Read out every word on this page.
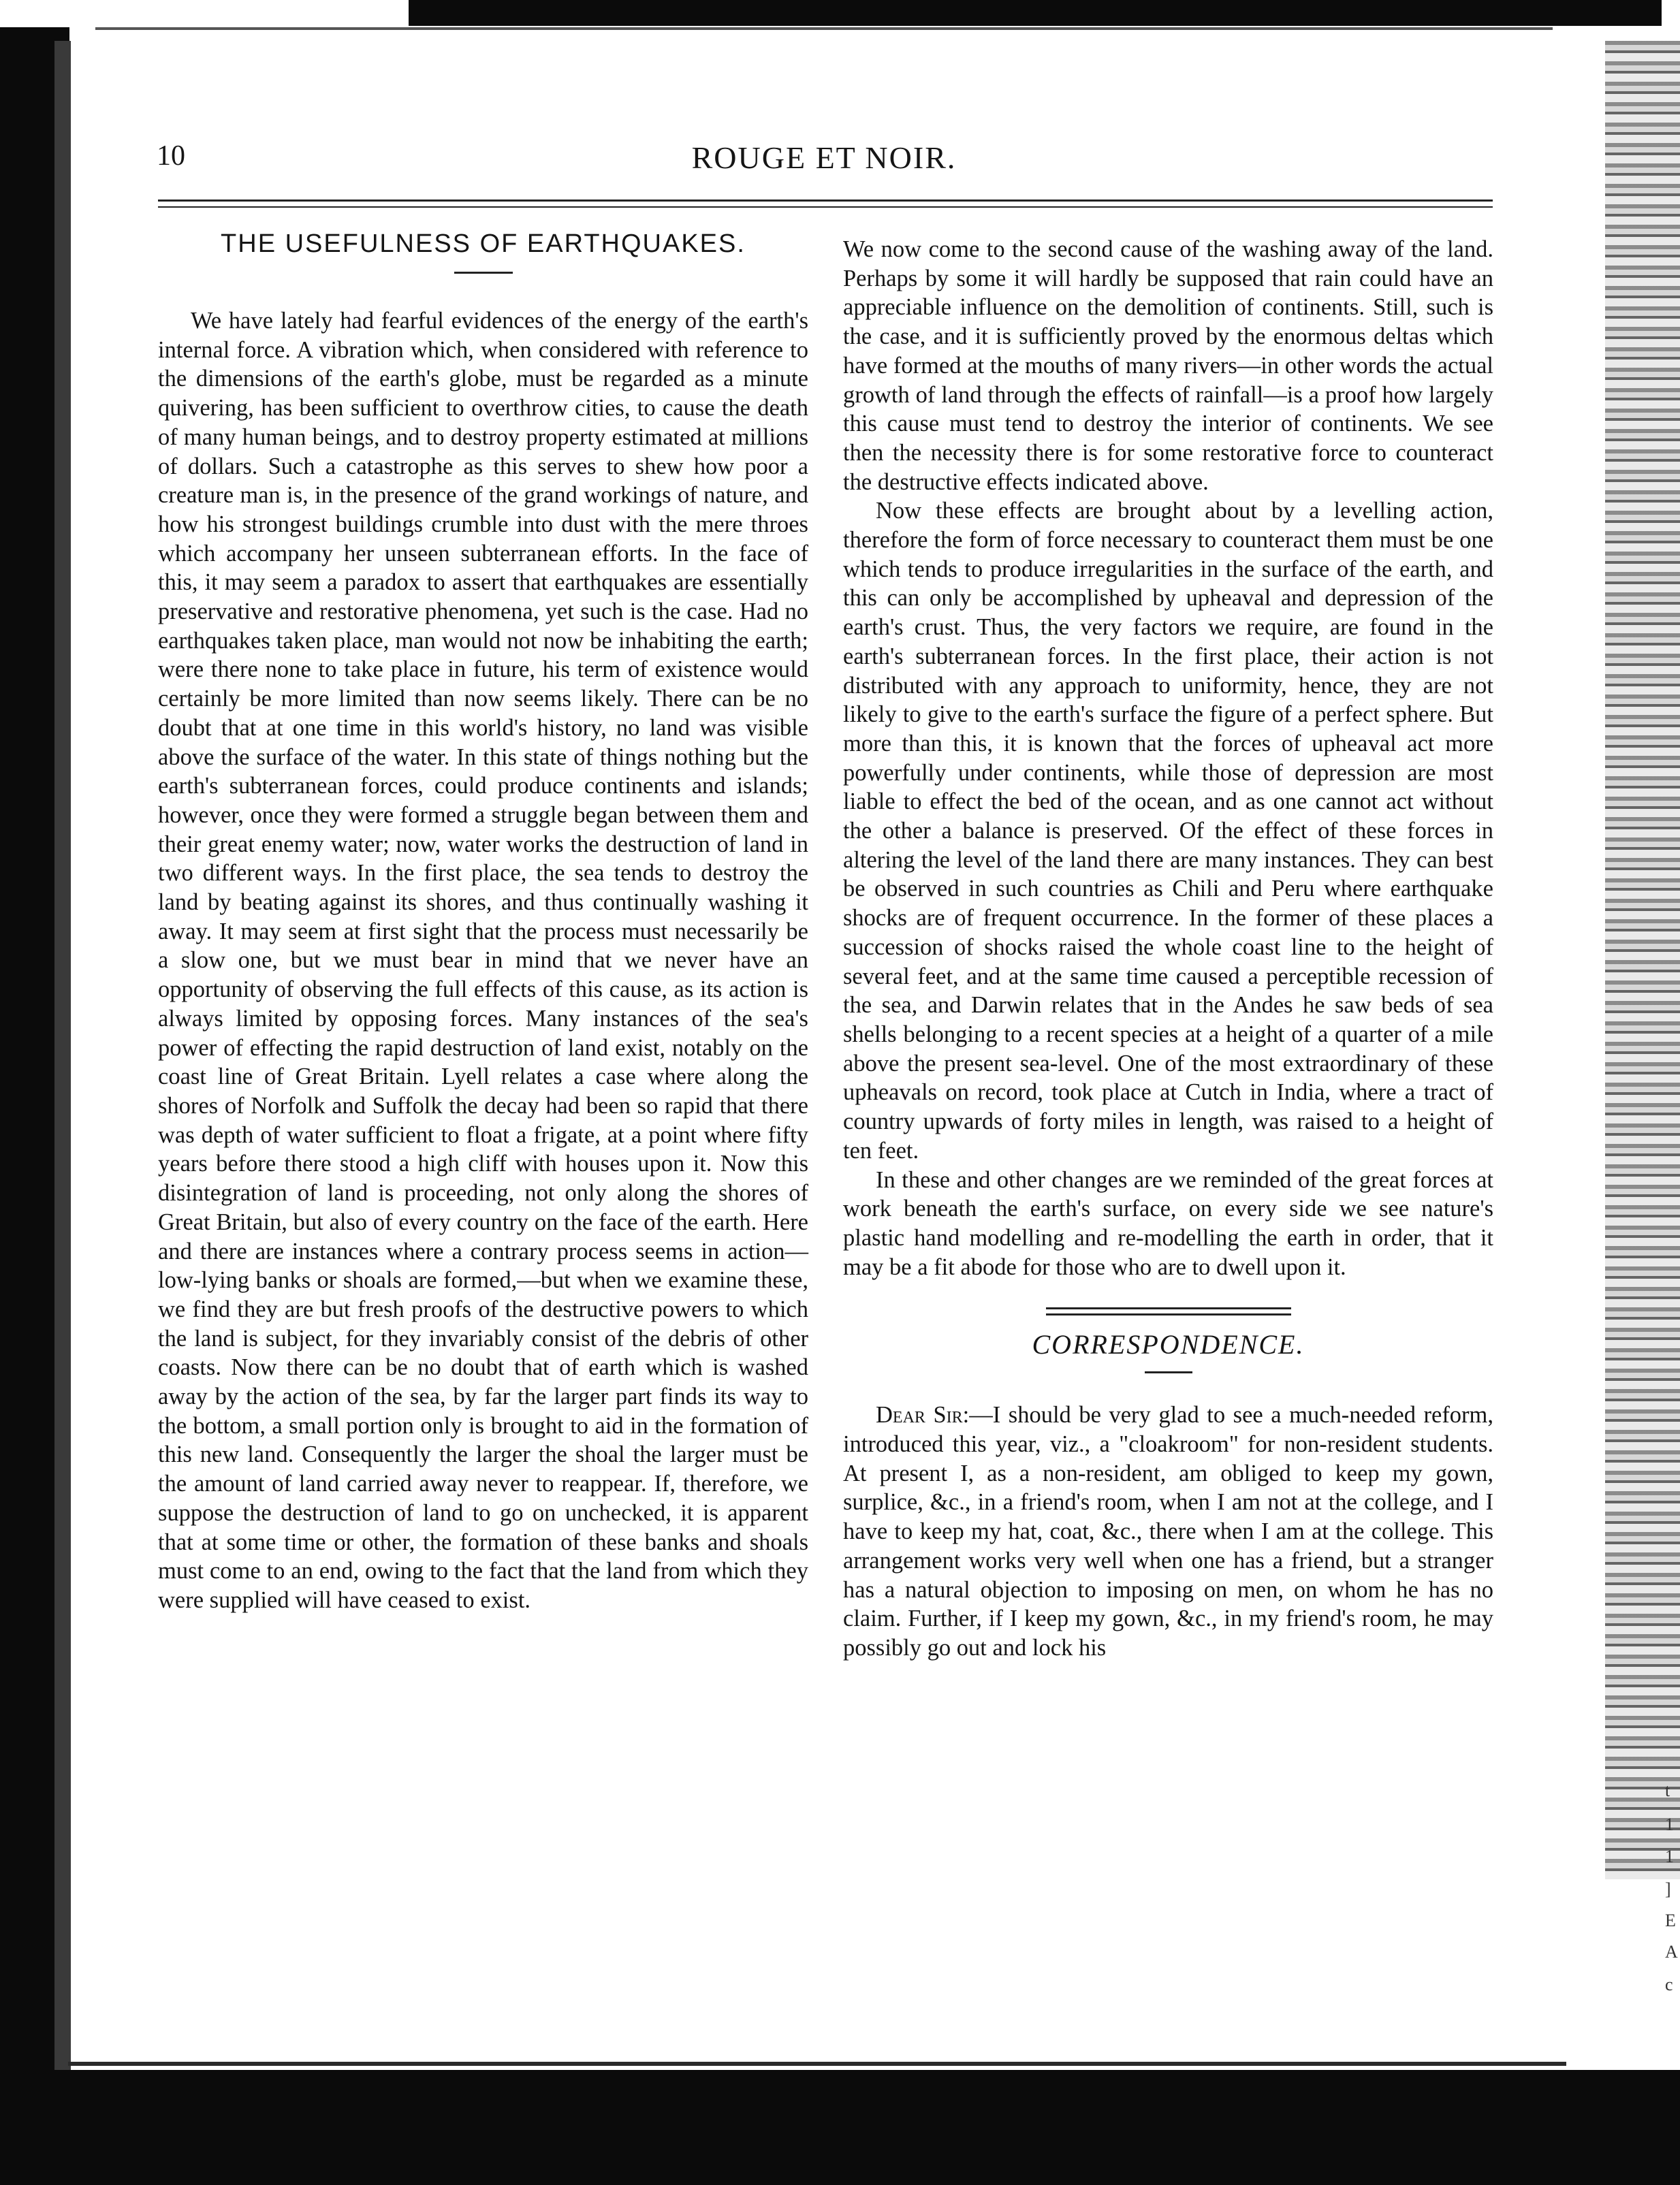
t
1
1
]
E
A
c
10	ROUGE ET NOIR.
THE USEFULNESS OF EARTHQUAKES.

We have lately had fearful evidences of the energy of the earth's internal force. A vibration which, when considered with reference to the dimensions of the earth's globe, must be regarded as a minute quivering, has been sufficient to overthrow cities, to cause the death of many human beings, and to destroy property estimated at millions of dollars. Such a catastrophe as this serves to shew how poor a creature man is, in the presence of the grand workings of nature, and how his strongest buildings crumble into dust with the mere throes which accompany her unseen subterranean efforts. In the face of this, it may seem a paradox to assert that earthquakes are essentially preservative and restorative phenomena, yet such is the case. Had no earthquakes taken place, man would not now be inhabiting the earth; were there none to take place in future, his term of existence would certainly be more limited than now seems likely. There can be no doubt that at one time in this world's history, no land was visible above the surface of the water. In this state of things nothing but the earth's subterranean forces, could produce continents and islands; however, once they were formed a struggle began between them and their great enemy water; now, water works the destruction of land in two different ways. In the first place, the sea tends to destroy the land by beating against its shores, and thus continually washing it away. It may seem at first sight that the process must necessarily be a slow one, but we must bear in mind that we never have an opportunity of observing the full effects of this cause, as its action is always limited by opposing forces. Many instances of the sea's power of effecting the rapid destruction of land exist, notably on the coast line of Great Britain. Lyell relates a case where along the shores of Norfolk and Suffolk the decay had been so rapid that there was depth of water sufficient to float a frigate, at a point where fifty years before there stood a high cliff with houses upon it. Now this disintegration of land is proceeding, not only along the shores of Great Britain, but also of every country on the face of the earth. Here and there are instances where a contrary process seems in action—low-lying banks or shoals are formed,—but when we examine these, we find they are but fresh proofs of the destructive powers to which the land is subject, for they invariably consist of the debris of other coasts. Now there can be no doubt that of earth which is washed away by the action of the sea, by far the larger part finds its way to the bottom, a small portion only is brought to aid in the formation of this new land. Consequently the larger the shoal the larger must be the amount of land carried away never to reappear. If, therefore, we suppose the destruction of land to go on unchecked, it is apparent that at some time or other, the formation of these banks and shoals must come to an end, owing to the fact that the land from which they were supplied will have ceased to exist.

We now come to the second cause of the washing away of the land. Perhaps by some it will hardly be supposed that rain could have an appreciable influence on the demolition of continents. Still, such is the case, and it is sufficiently proved by the enormous deltas which have formed at the mouths of many rivers—in other words the actual growth of land through the effects of rainfall—is a proof how largely this cause must tend to destroy the interior of continents. We see then the necessity there is for some restorative force to counteract the destructive effects indicated above.

Now these effects are brought about by a levelling action, therefore the form of force necessary to counteract them must be one which tends to produce irregularities in the surface of the earth, and this can only be accomplished by upheaval and depression of the earth's crust. Thus, the very factors we require, are found in the earth's subterranean forces. In the first place, their action is not distributed with any approach to uniformity, hence, they are not likely to give to the earth's surface the figure of a perfect sphere. But more than this, it is known that the forces of upheaval act more powerfully under continents, while those of depression are most liable to effect the bed of the ocean, and as one cannot act without the other a balance is preserved. Of the effect of these forces in altering the level of the land there are many instances. They can best be observed in such countries as Chili and Peru where earthquake shocks are of frequent occurrence. In the former of these places a succession of shocks raised the whole coast line to the height of several feet, and at the same time caused a perceptible recession of the sea, and Darwin relates that in the Andes he saw beds of sea shells belonging to a recent species at a height of a quarter of a mile above the present sea-level. One of the most extraordinary of these upheavals on record, took place at Cutch in India, where a tract of country upwards of forty miles in length, was raised to a height of ten feet.

In these and other changes are we reminded of the great forces at work beneath the earth's surface, on every side we see nature's plastic hand modelling and re-modelling the earth in order, that it may be a fit abode for those who are to dwell upon it.

CORRESPONDENCE.

Dear Sir:—I should be very glad to see a much-needed reform, introduced this year, viz., a "cloakroom" for non-resident students. At present I, as a non-resident, am obliged to keep my gown, surplice, &c., in a friend's room, when I am not at the college, and I have to keep my hat, coat, &c., there when I am at the college. This arrangement works very well when one has a friend, but a stranger has a natural objection to imposing on men, on whom he has no claim. Further, if I keep my gown, &c., in my friend's room, he may possibly go out and lock his
